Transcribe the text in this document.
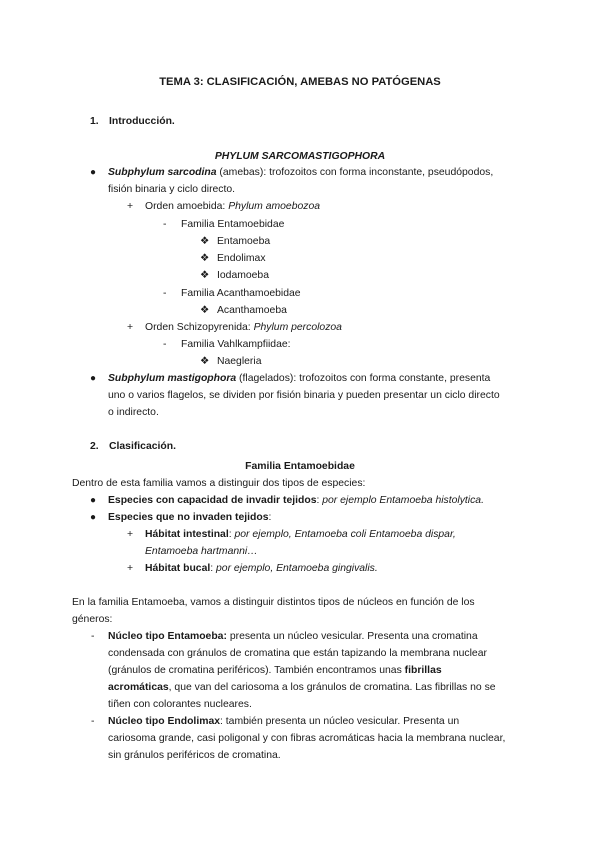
TEMA 3: CLASIFICACIÓN, AMEBAS NO PATÓGENAS
1. Introducción.
PHYLUM SARCOMASTIGOPHORA
● Subphylum sarcodina (amebas): trofozoitos con forma inconstante, pseudópodos,
fisión binaria y ciclo directo.
+ Orden amoebida: Phylum amoebozoa
- Familia Entamoebidae
❖ Entamoeba
❖ Endolimax
❖ Iodamoeba
- Familia Acanthamoebidae
❖ Acanthamoeba
+ Orden Schizopyrenida: Phylum percolozoa
- Familia Vahlkampfiidae:
❖ Naegleria
● Subphylum mastigophora (flagelados): trofozoitos con forma constante, presenta
uno o varios flagelos, se dividen por fisión binaria y pueden presentar un ciclo directo
o indirecto.
2. Clasificación.
Familia Entamoebidae
Dentro de esta familia vamos a distinguir dos tipos de especies:
● Especies con capacidad de invadir tejidos: por ejemplo Entamoeba histolytica.
● Especies que no invaden tejidos:
+ Hábitat intestinal: por ejemplo, Entamoeba coli Entamoeba dispar,
Entamoeba hartmanni…
+ Hábitat bucal: por ejemplo, Entamoeba gingivalis.
En la familia Entamoeba, vamos a distinguir distintos tipos de núcleos en función de los
géneros:
- Núcleo tipo Entamoeba: presenta un núcleo vesicular. Presenta una cromatina
condensada con gránulos de cromatina que están tapizando la membrana nuclear
(gránulos de cromatina periféricos). También encontramos unas fibrillas
acromáticas, que van del cariosoma a los gránulos de cromatina. Las fibrillas no se
tiñen con colorantes nucleares.
- Núcleo tipo Endolimax: también presenta un núcleo vesicular. Presenta un
cariosoma grande, casi poligonal y con fibras acromáticas hacia la membrana nuclear,
sin gránulos periféricos de cromatina.
